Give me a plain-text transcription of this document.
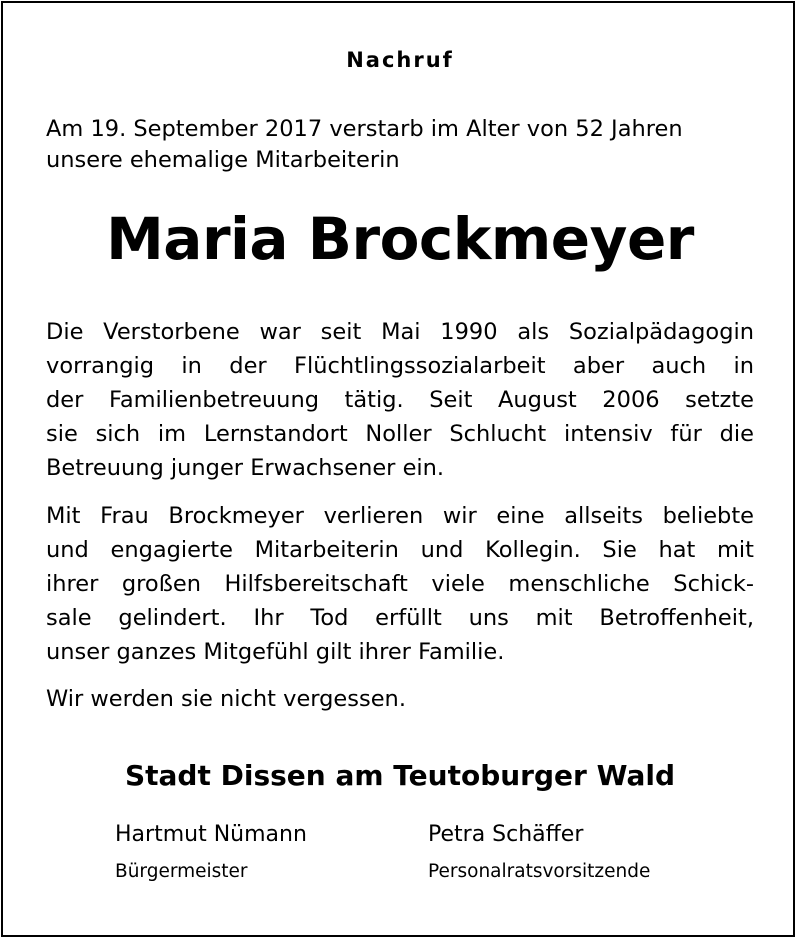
Nachruf
Am 19. September 2017 verstarb im Alter von 52 Jahren
unsere ehemalige Mitarbeiterin
Maria Brockmeyer
Die Verstorbene war seit Mai 1990 als Sozialpädagogin
vorrangig in der Flüchtlingssozialarbeit aber auch in
der Familienbetreuung tätig. Seit August 2006 setzte
sie sich im Lernstandort Noller Schlucht intensiv für die
Betreuung junger Erwachsener ein.
Mit Frau Brockmeyer verlieren wir eine allseits beliebte
und engagierte Mitarbeiterin und Kollegin. Sie hat mit
ihrer großen Hilfsbereitschaft viele menschliche Schick-
sale gelindert. Ihr Tod erfüllt uns mit Betroffenheit,
unser ganzes Mitgefühl gilt ihrer Familie.
Wir werden sie nicht vergessen.
Stadt Dissen am Teutoburger Wald
Hartmut Nümann
Bürgermeister
Petra Schäffer
Personalratsvorsitzende
